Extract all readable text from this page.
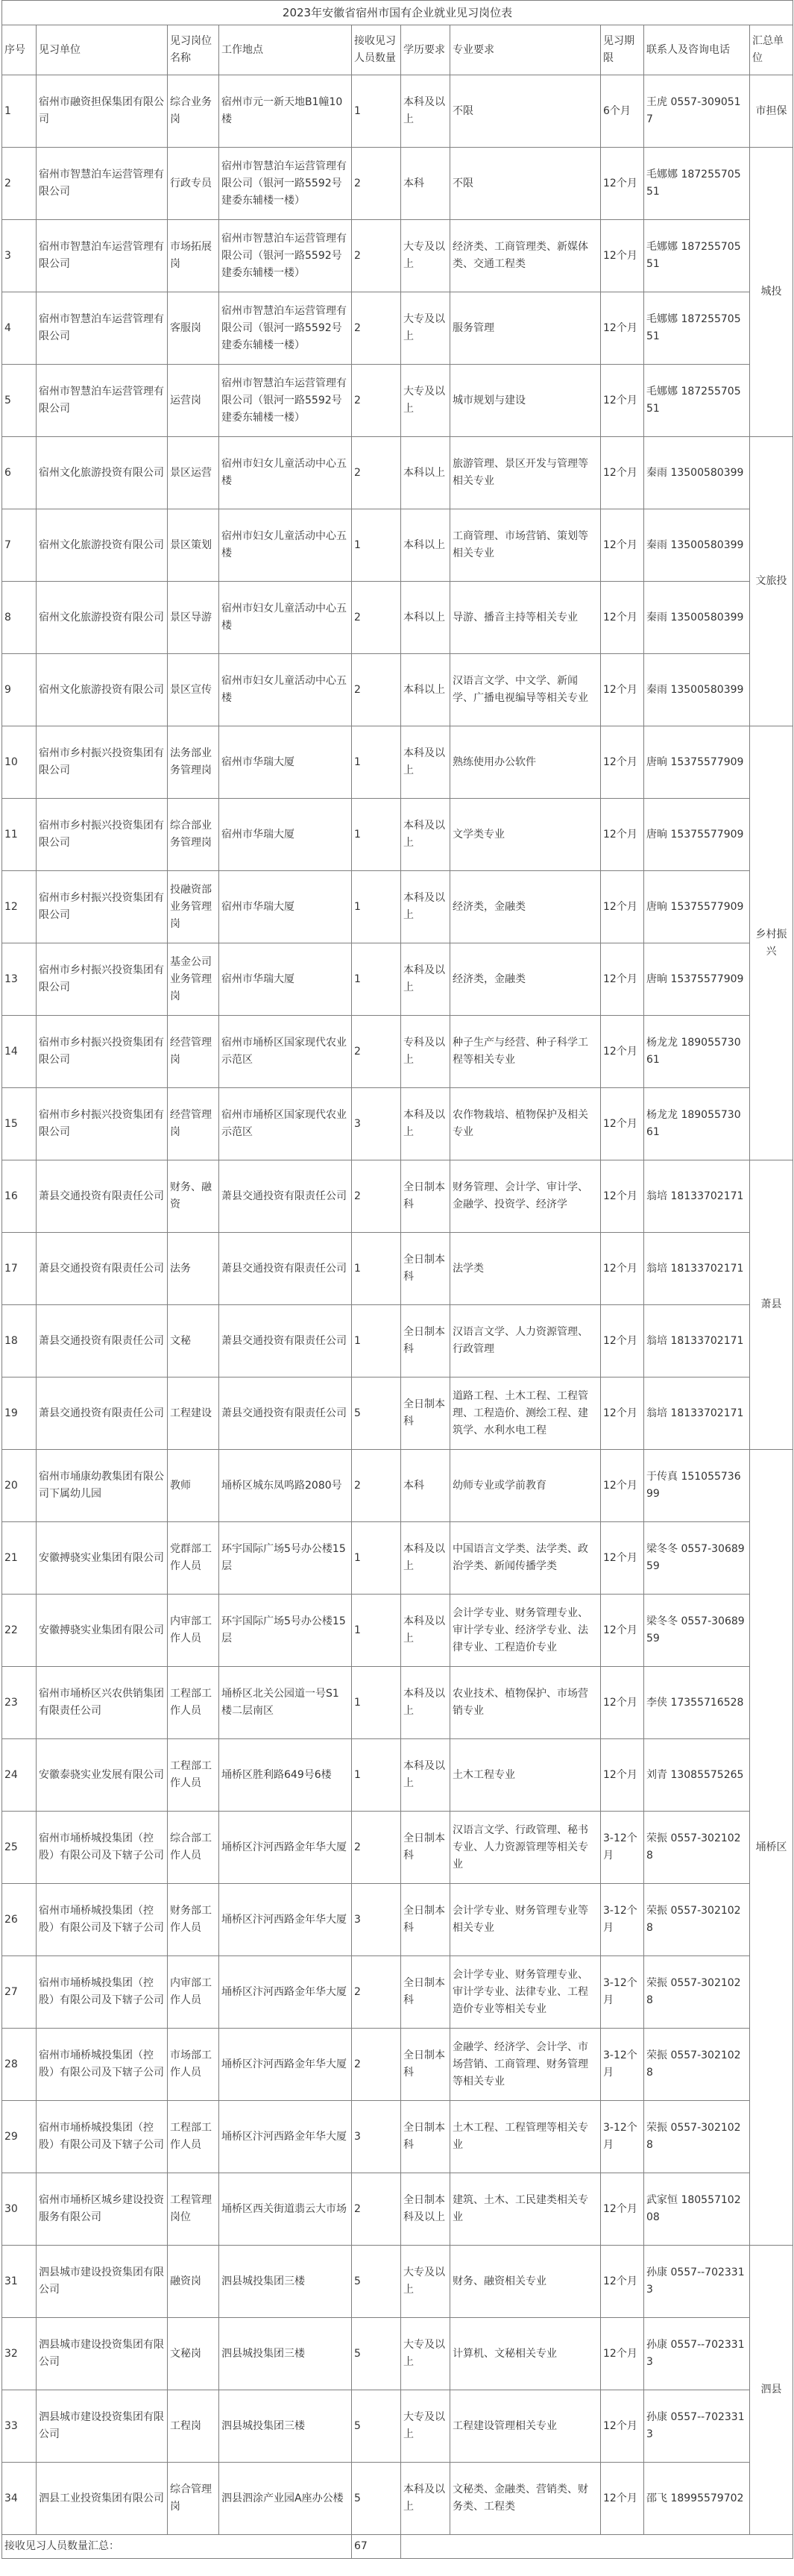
2023年安徽省宿州市国有企业就业见习岗位表									
序号	见习单位	见习岗位名称	工作地点	接收见习人员数量	学历要求	专业要求	见习期限	联系人及咨询电话	汇总单位
1	宿州市融资担保集团有限公司	综合业务岗	宿州市元一新天地B1幢10楼	1	本科及以上	不限	6个月	王虎 0557-3090517	市担保
2	宿州市智慧泊车运营管理有限公司	行政专员	宿州市智慧泊车运营管理有限公司（银河一路5592号建委东辅楼一楼）	2	本科	不限	12个月	毛娜娜 18725570551	城投
3	宿州市智慧泊车运营管理有限公司	市场拓展岗	宿州市智慧泊车运营管理有限公司（银河一路5592号建委东辅楼一楼）	2	大专及以上	经济类、工商管理类、新媒体类、交通工程类	12个月	毛娜娜 18725570551	
4	宿州市智慧泊车运营管理有限公司	客服岗	宿州市智慧泊车运营管理有限公司（银河一路5592号建委东辅楼一楼）	2	大专及以上	服务管理	12个月	毛娜娜 18725570551	
5	宿州市智慧泊车运营管理有限公司	运营岗	宿州市智慧泊车运营管理有限公司（银河一路5592号建委东辅楼一楼）	2	大专及以上	城市规划与建设	12个月	毛娜娜 18725570551	
6	宿州文化旅游投资有限公司	景区运营	宿州市妇女儿童活动中心五楼	2	本科以上	旅游管理、景区开发与管理等相关专业	12个月	秦雨 13500580399	文旅投
7	宿州文化旅游投资有限公司	景区策划	宿州市妇女儿童活动中心五楼	1	本科以上	工商管理、市场营销、策划等相关专业	12个月	秦雨 13500580399	
8	宿州文化旅游投资有限公司	景区导游	宿州市妇女儿童活动中心五楼	2	本科以上	导游、播音主持等相关专业	12个月	秦雨 13500580399	
9	宿州文化旅游投资有限公司	景区宣传	宿州市妇女儿童活动中心五楼	2	本科以上	汉语言文学、中文学、新闻学、广播电视编导等相关专业	12个月	秦雨 13500580399	
10	宿州市乡村振兴投资集团有限公司	法务部业务管理岗	宿州市华瑞大厦	1	本科及以上	熟练使用办公软件	12个月	唐晌 15375577909	乡村振兴
11	宿州市乡村振兴投资集团有限公司	综合部业务管理岗	宿州市华瑞大厦	1	本科及以上	文学类专业	12个月	唐晌 15375577909	
12	宿州市乡村振兴投资集团有限公司	投融资部业务管理岗	宿州市华瑞大厦	1	本科及以上	经济类，金融类	12个月	唐晌 15375577909	
13	宿州市乡村振兴投资集团有限公司	基金公司业务管理岗	宿州市华瑞大厦	1	本科及以上	经济类，金融类	12个月	唐晌 15375577909	
14	宿州市乡村振兴投资集团有限公司	经营管理岗	宿州市埇桥区国家现代农业示范区	2	专科及以上	种子生产与经营、种子科学工程等相关专业	12个月	杨龙龙 18905573061	
15	宿州市乡村振兴投资集团有限公司	经营管理岗	宿州市埇桥区国家现代农业示范区	3	本科及以上	农作物栽培、植物保护及相关专业	12个月	杨龙龙 18905573061	
16	萧县交通投资有限责任公司	财务、融资	萧县交通投资有限责任公司	2	全日制本科	财务管理、会计学、审计学、金融学、投资学、经济学	12个月	翁培 18133702171	萧县
17	萧县交通投资有限责任公司	法务	萧县交通投资有限责任公司	1	全日制本科	法学类	12个月	翁培 18133702171	
18	萧县交通投资有限责任公司	文秘	萧县交通投资有限责任公司	1	全日制本科	汉语言文学、人力资源管理、行政管理	12个月	翁培 18133702171	
19	萧县交通投资有限责任公司	工程建设	萧县交通投资有限责任公司	5	全日制本科	道路工程、土木工程、工程管理、工程造价、测绘工程、建筑学、水利水电工程	12个月	翁培 18133702171	
20	宿州市埇康幼教集团有限公司下属幼儿园	教师	埇桥区城东凤鸣路2080号	2	本科	幼师专业或学前教育	12个月	于传真 15105573699	埇桥区
21	安徽搏骁实业集团有限公司	党群部工作人员	环宇国际广场5号办公楼15层	1	本科及以上	中国语言文学类、法学类、政治学类、新闻传播学类	12个月	梁冬冬 0557-3068959	
22	安徽搏骁实业集团有限公司	内审部工作人员	环宇国际广场5号办公楼15层	1	本科及以上	会计学专业、财务管理专业、审计学专业、经济学专业、法律专业、工程造价专业	12个月	梁冬冬 0557-3068959	
23	宿州市埇桥区兴农供销集团有限责任公司	工程部工作人员	埇桥区北关公园道一号S1楼二层南区	1	本科及以上	农业技术、植物保护、市场营销专业	12个月	李侠 17355716528	
24	安徽泰骁实业发展有限公司	工程部工作人员	埇桥区胜利路649号6楼	1	本科及以上	土木工程专业	12个月	刘青 13085575265	
25	宿州市埇桥城投集团（控股）有限公司及下辖子公司	综合部工作人员	埇桥区汴河西路金年华大厦	2	全日制本科	汉语言文学、行政管理、秘书专业、人力资源管理等相关专业	3-12个月	荣振 0557-3021028	
26	宿州市埇桥城投集团（控股）有限公司及下辖子公司	财务部工作人员	埇桥区汴河西路金年华大厦	3	全日制本科	会计学专业、财务管理专业等相关专业	3-12个月	荣振 0557-3021028	
27	宿州市埇桥城投集团（控股）有限公司及下辖子公司	内审部工作人员	埇桥区汴河西路金年华大厦	2	全日制本科	会计学专业、财务管理专业、审计学专业、法律专业、工程造价专业等相关专业	3-12个月	荣振 0557-3021028	
28	宿州市埇桥城投集团（控股）有限公司及下辖子公司	市场部工作人员	埇桥区汴河西路金年华大厦	2	全日制本科	金融学、经济学、会计学、市场营销、工商管理、财务管理等相关专业	3-12个月	荣振 0557-3021028	
29	宿州市埇桥城投集团（控股）有限公司及下辖子公司	工程部工作人员	埇桥区汴河西路金年华大厦	3	全日制本科	土木工程、工程管理等相关专业	3-12个月	荣振 0557-3021028	
30	宿州市埇桥区城乡建设投资服务有限公司	工程管理岗位	埇桥区西关街道翡云大市场	2	全日制本科及以上	建筑、土木、工民建类相关专业	12个月	武家恒 18055710208	
31	泗县城市建设投资集团有限公司	融资岗	泗县城投集团三楼	5	大专及以上	财务、融资相关专业	12个月	孙康 0557--7023313	泗县
32	泗县城市建设投资集团有限公司	文秘岗	泗县城投集团三楼	5	大专及以上	计算机、文秘相关专业	12个月	孙康 0557--7023313	
33	泗县城市建设投资集团有限公司	工程岗	泗县城投集团三楼	5	大专及以上	工程建设管理相关专业	12个月	孙康 0557--7023313	
34	泗县工业投资集团有限公司	综合管理岗	泗县泗涂产业园A座办公楼	5	本科及以上	文秘类、金融类、营销类、财务类、工程类	12个月	邵飞 18995579702	
接收见习人员数量汇总：				67					
